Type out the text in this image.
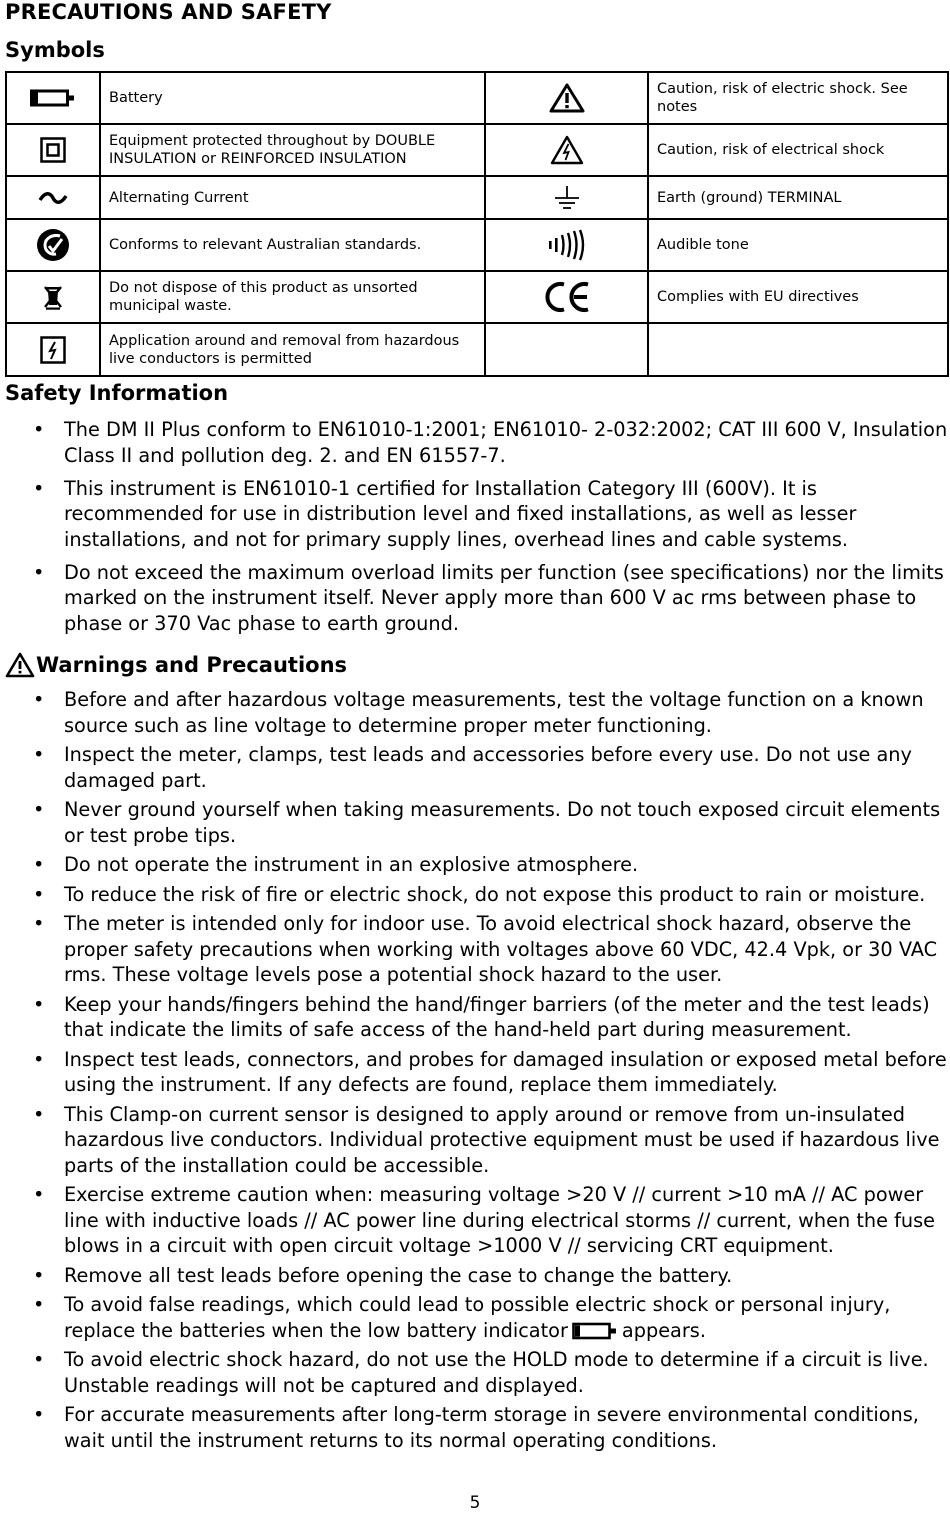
PRECAUTIONS AND SAFETY
Symbols
	Battery		Caution, risk of electric shock. See notes

	Equipment protected throughout by DOUBLE INSULATION or REINFORCED INSULATION		Caution, risk of electrical shock

	Alternating Current		Earth (ground) TERMINAL

	Conforms to relevant Australian standards.		Audible tone

	Do not dispose of this product as unsorted municipal waste.		Complies with EU directives

	Application around and removal from hazardous live conductors is permitted		
Safety Information
• The DM II Plus conform to EN61010-1:2001; EN61010- 2-032:2002; CAT III 600 V, Insulation Class II and pollution deg. 2. and EN 61557-7.
• This instrument is EN61010-1 certified for Installation Category III (600V). It is recommended for use in distribution level and fixed installations, as well as lesser installations, and not for primary supply lines, overhead lines and cable systems.
• Do not exceed the maximum overload limits per function (see specifications) nor the limits marked on the instrument itself. Never apply more than 600 V ac rms between phase to phase or 370 Vac phase to earth ground.
Warnings and Precautions
• Before and after hazardous voltage measurements, test the voltage function on a known source such as line voltage to determine proper meter functioning.
• Inspect the meter, clamps, test leads and accessories before every use. Do not use any damaged part.
• Never ground yourself when taking measurements. Do not touch exposed circuit elements or test probe tips.
• Do not operate the instrument in an explosive atmosphere.
• To reduce the risk of fire or electric shock, do not expose this product to rain or moisture.
• The meter is intended only for indoor use. To avoid electrical shock hazard, observe the proper safety precautions when working with voltages above 60 VDC, 42.4 Vpk, or 30 VAC rms. These voltage levels pose a potential shock hazard to the user.
• Keep your hands/fingers behind the hand/finger barriers (of the meter and the test leads) that indicate the limits of safe access of the hand-held part during measurement.
• Inspect test leads, connectors, and probes for damaged insulation or exposed metal before using the instrument. If any defects are found, replace them immediately.
• This Clamp-on current sensor is designed to apply around or remove from un-insulated hazardous live conductors. Individual protective equipment must be used if hazardous live parts of the installation could be accessible.
• Exercise extreme caution when: measuring voltage >20 V // current >10 mA // AC power line with inductive loads // AC power line during electrical storms // current, when the fuse blows in a circuit with open circuit voltage >1000 V // servicing CRT equipment.
• Remove all test leads before opening the case to change the battery.
• To avoid false readings, which could lead to possible electric shock or personal injury, replace the batteries when the low battery indicator	appears.
• To avoid electric shock hazard, do not use the HOLD mode to determine if a circuit is live. Unstable readings will not be captured and displayed.
• For accurate measurements after long-term storage in severe environmental conditions, wait until the instrument returns to its normal operating conditions.
5
